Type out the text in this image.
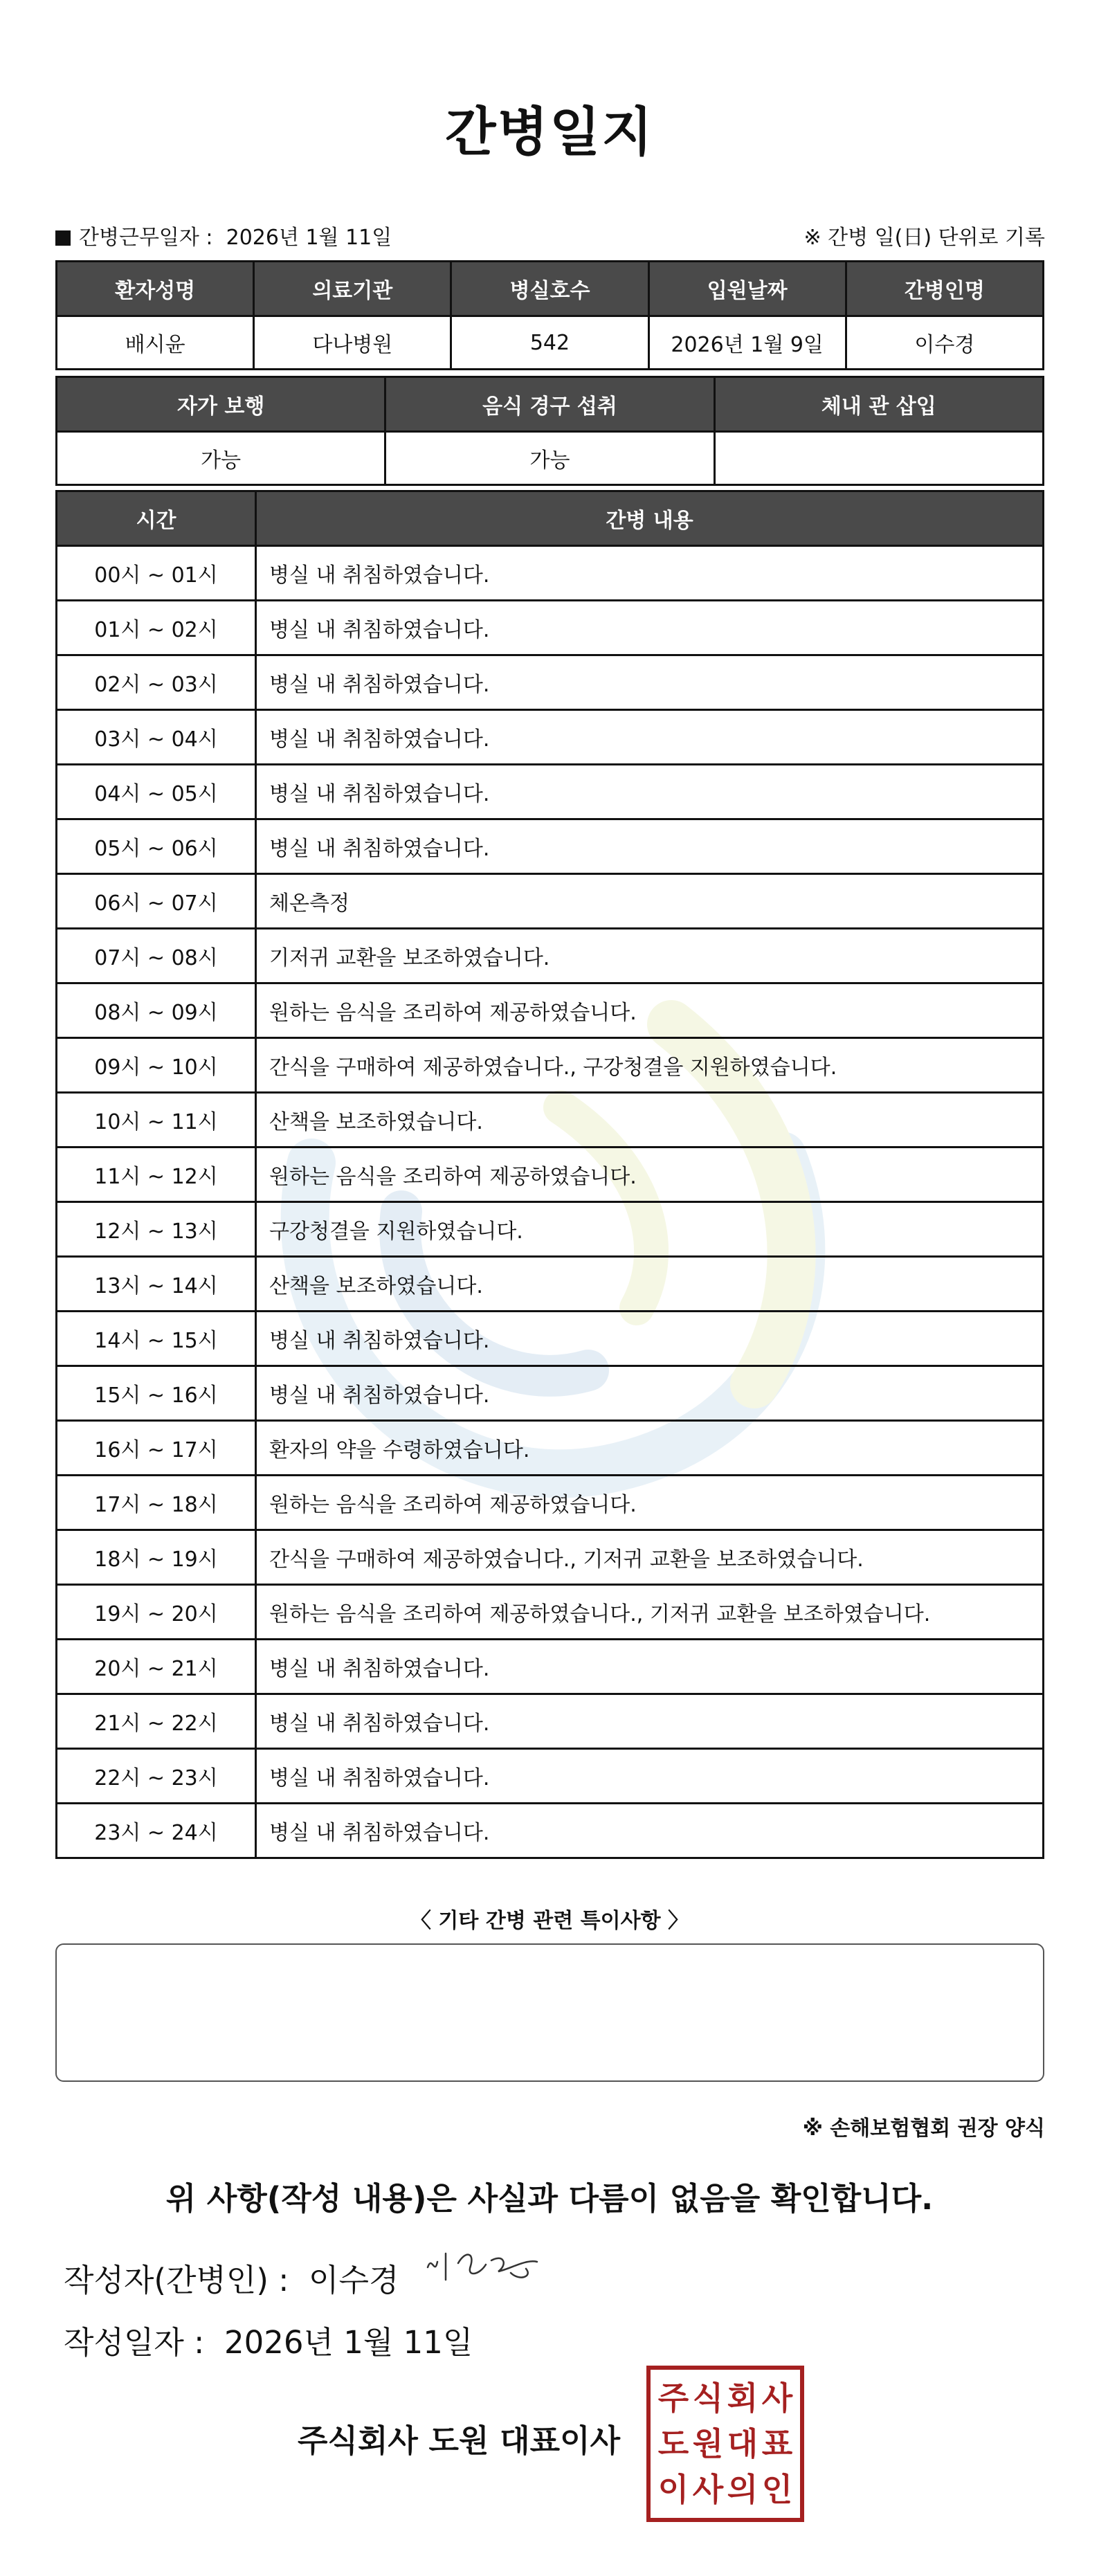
간병일지
간병근무일자 : 2026년 1월 11일	※ 간병 일(日) 단위로 기록
환자성명	의료기관	병실호수	입원날짜	간병인명
배시윤	다나병원	542	2026년 1월 9일	이수경
자가 보행	음식 경구 섭취	체내 관 삽입
가능	가능	
시간	간병 내용
00시 ~ 01시	병실 내 취침하였습니다.
01시 ~ 02시	병실 내 취침하였습니다.
02시 ~ 03시	병실 내 취침하였습니다.
03시 ~ 04시	병실 내 취침하였습니다.
04시 ~ 05시	병실 내 취침하였습니다.
05시 ~ 06시	병실 내 취침하였습니다.
06시 ~ 07시	체온측정
07시 ~ 08시	기저귀 교환을 보조하였습니다.
08시 ~ 09시	원하는 음식을 조리하여 제공하였습니다.
09시 ~ 10시	간식을 구매하여 제공하였습니다., 구강청결을 지원하였습니다.
10시 ~ 11시	산책을 보조하였습니다.
11시 ~ 12시	원하는 음식을 조리하여 제공하였습니다.
12시 ~ 13시	구강청결을 지원하였습니다.
13시 ~ 14시	산책을 보조하였습니다.
14시 ~ 15시	병실 내 취침하였습니다.
15시 ~ 16시	병실 내 취침하였습니다.
16시 ~ 17시	환자의 약을 수령하였습니다.
17시 ~ 18시	원하는 음식을 조리하여 제공하였습니다.
18시 ~ 19시	간식을 구매하여 제공하였습니다., 기저귀 교환을 보조하였습니다.
19시 ~ 20시	원하는 음식을 조리하여 제공하였습니다., 기저귀 교환을 보조하였습니다.
20시 ~ 21시	병실 내 취침하였습니다.
21시 ~ 22시	병실 내 취침하였습니다.
22시 ~ 23시	병실 내 취침하였습니다.
23시 ~ 24시	병실 내 취침하였습니다.
〈 기타 간병 관련 특이사항 〉
※ 손해보험협회 권장 양식
위 사항(작성 내용)은 사실과 다름이 없음을 확인합니다.
작성자(간병인) : 이수경
작성일자 : 2026년 1월 11일
주식회사 도원 대표이사
주 식 회 사
도 원 대 표
이 사 의 인
